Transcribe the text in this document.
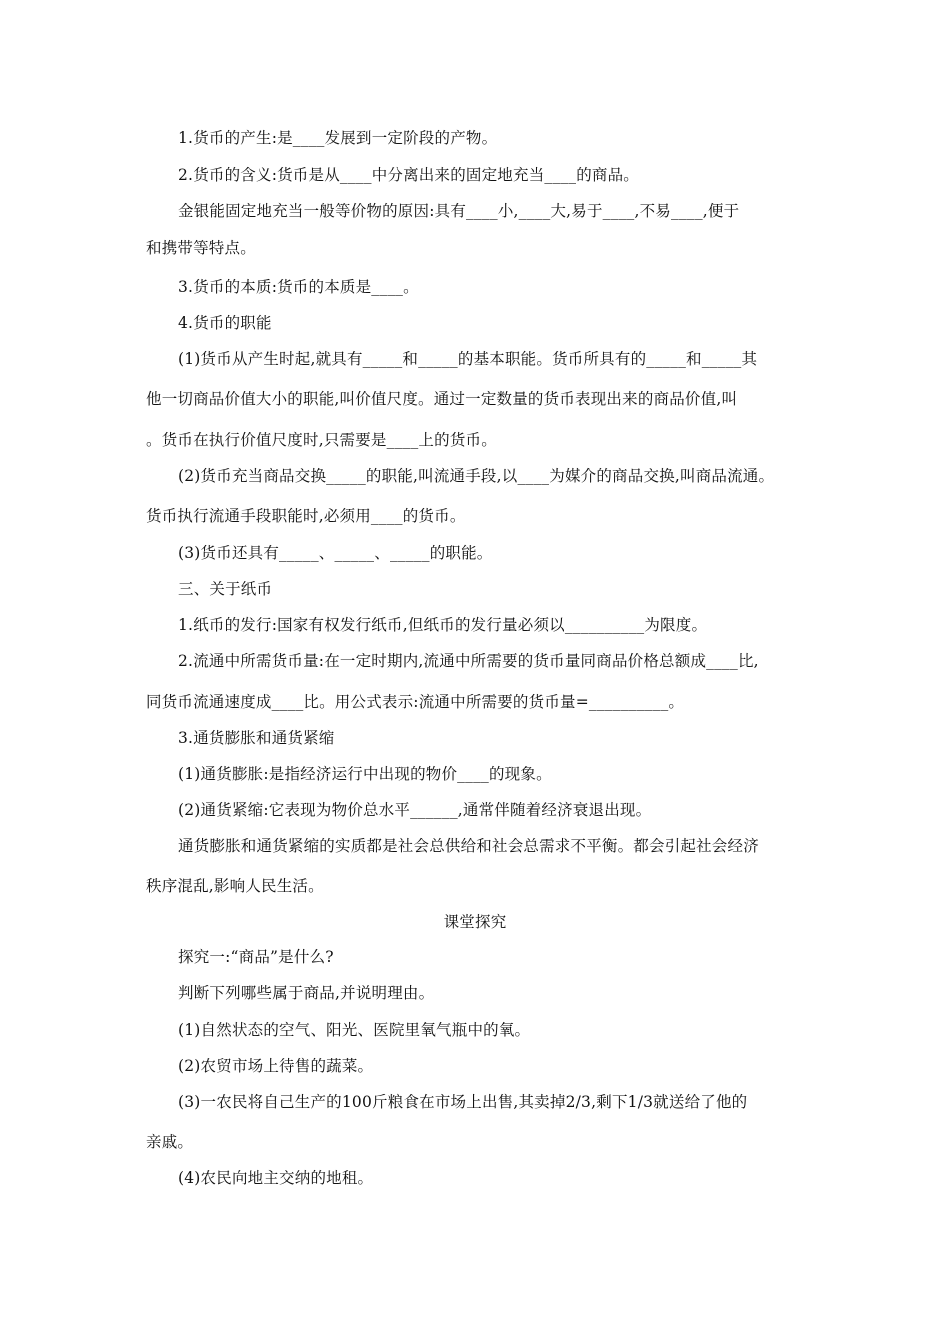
1.货币的产生:是____发展到一定阶段的产物。
2.货币的含义:货币是从____中分离出来的固定地充当____的商品。
金银能固定地充当一般等价物的原因:具有____小,____大,易于____,不易____,便于
和携带等特点。
3.货币的本质:货币的本质是____。
4.货币的职能
(1)货币从产生时起,就具有_____和_____的基本职能。货币所具有的_____和_____其
他一切商品价值大小的职能,叫价值尺度。通过一定数量的货币表现出来的商品价值,叫
。货币在执行价值尺度时,只需要是____上的货币。
(2)货币充当商品交换_____的职能,叫流通手段,以____为媒介的商品交换,叫商品流通。
货币执行流通手段职能时,必须用____的货币。
(3)货币还具有_____、_____、_____的职能。
三、关于纸币
1.纸币的发行:国家有权发行纸币,但纸币的发行量必须以__________为限度。
2.流通中所需货币量:在一定时期内,流通中所需要的货币量同商品价格总额成____比,
同货币流通速度成____比。用公式表示:流通中所需要的货币量=__________。
3.通货膨胀和通货紧缩
(1)通货膨胀:是指经济运行中出现的物价____的现象。
(2)通货紧缩:它表现为物价总水平______,通常伴随着经济衰退出现。
通货膨胀和通货紧缩的实质都是社会总供给和社会总需求不平衡。都会引起社会经济
秩序混乱,影响人民生活。
课堂探究
探究一:“商品”是什么?
判断下列哪些属于商品,并说明理由。
(1)自然状态的空气、阳光、医院里氧气瓶中的氧。
(2)农贸市场上待售的蔬菜。
(3)一农民将自己生产的100斤粮食在市场上出售,其卖掉2/3,剩下1/3就送给了他的
亲戚。
(4)农民向地主交纳的地租。
